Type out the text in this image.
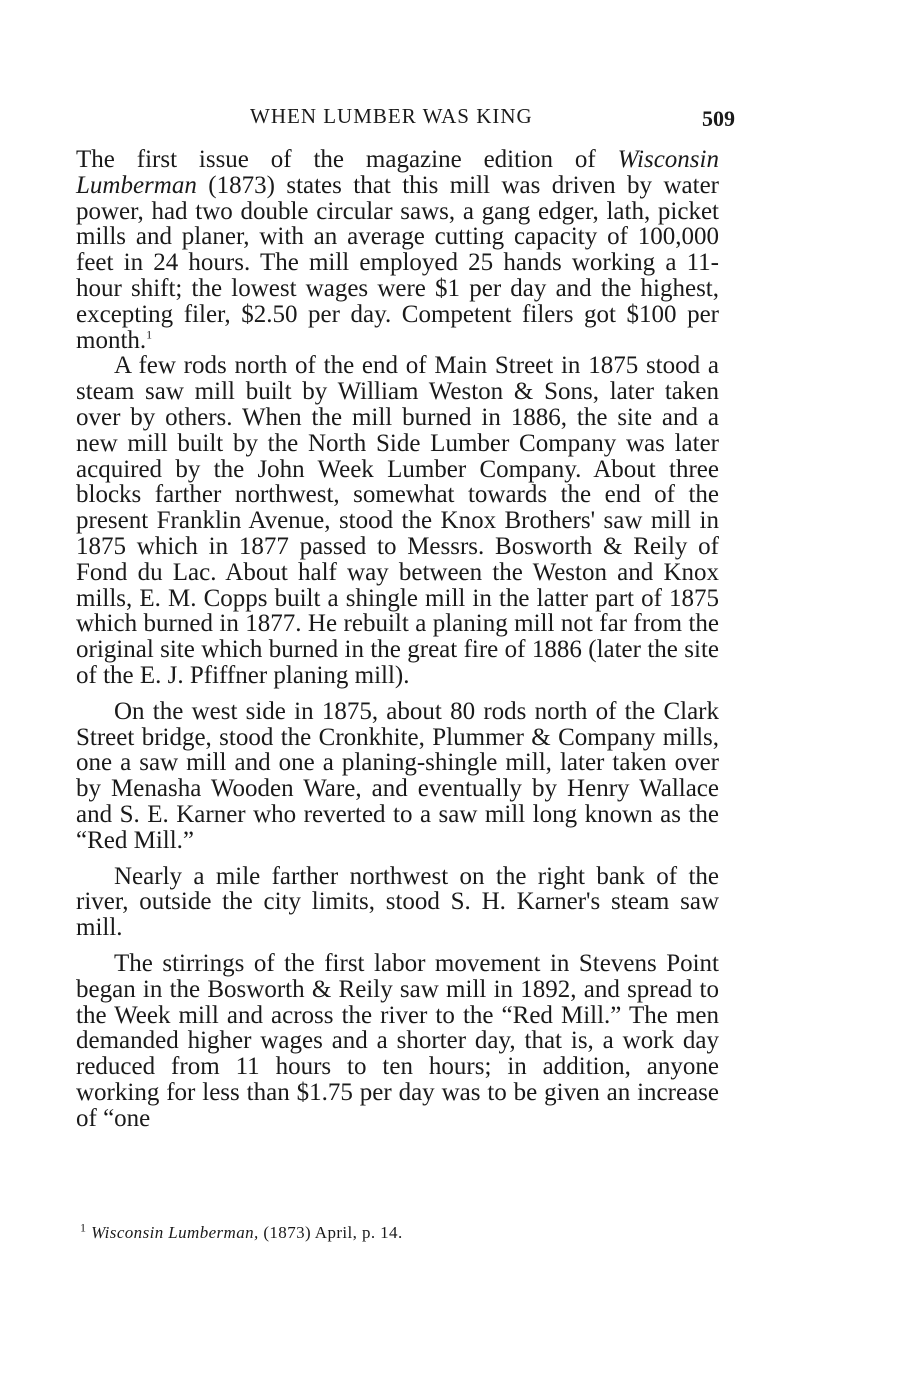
WHEN LUMBER WAS KING	509

The first issue of the magazine edition of Wisconsin Lumberman (1873) states that this mill was driven by water power, had two double circular saws, a gang edger, lath, picket mills and planer, with an average cutting capacity of 100,000 feet in 24 hours. The mill employed 25 hands working a 11-hour shift; the lowest wages were $1 per day and the highest, excepting filer, $2.50 per day. Competent filers got $100 per month.$^1$

A few rods north of the end of Main Street in 1875 stood a steam saw mill built by William Weston & Sons, later taken over by others. When the mill burned in 1886, the site and a new mill built by the North Side Lumber Company was later acquired by the John Week Lumber Company. About three blocks farther northwest, somewhat towards the end of the present Franklin Avenue, stood the Knox Brothers' saw mill in 1875 which in 1877 passed to Messrs. Bosworth & Reily of Fond du Lac. About half way between the Weston and Knox mills, E. M. Copps built a shingle mill in the latter part of 1875 which burned in 1877. He rebuilt a planing mill not far from the original site which burned in the great fire of 1886 (later the site of the E. J. Pfiffner planing mill).

On the west side in 1875, about 80 rods north of the Clark Street bridge, stood the Cronkhite, Plummer & Company mills, one a saw mill and one a planing-shingle mill, later taken over by Menasha Wooden Ware, and eventually by Henry Wallace and S. E. Karner who reverted to a saw mill long known as the “Red Mill.”

Nearly a mile farther northwest on the right bank of the river, outside the city limits, stood S. H. Karner's steam saw mill.

The stirrings of the first labor movement in Stevens Point began in the Bosworth & Reily saw mill in 1892, and spread to the Week mill and across the river to the “Red Mill.” The men demanded higher wages and a shorter day, that is, a work day reduced from 11 hours to ten hours; in addition, anyone working for less than $1.75 per day was to be given an increase of “one

$^1$ Wisconsin Lumberman, (1873) April, p. 14.
